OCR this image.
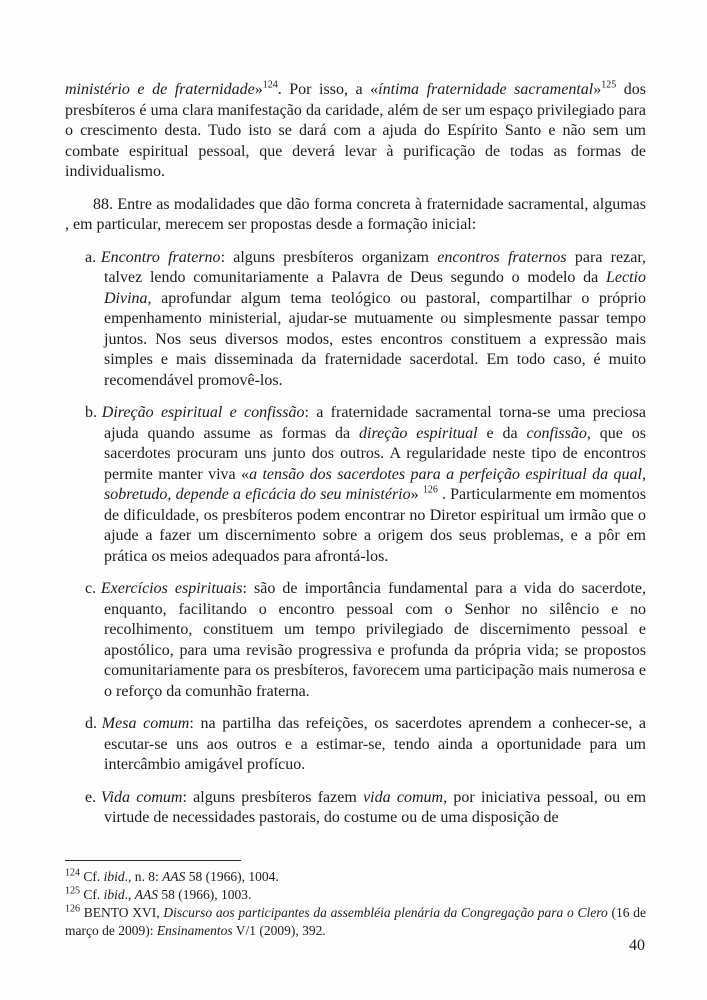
ministério e de fraternidade»$^{124}$. Por isso, a «íntima fraternidade sacramental»$^{125}$ dos presbíteros é uma clara manifestação da caridade, além de ser um espaço privilegiado para o crescimento desta. Tudo isto se dará com a ajuda do Espírito Santo e não sem um combate espiritual pessoal, que deverá levar à purificação de todas as formas de individualismo.
88. Entre as modalidades que dão forma concreta à fraternidade sacramental, algumas , em particular, merecem ser propostas desde a formação inicial:
a. Encontro fraterno: alguns presbíteros organizam encontros fraternos para rezar, talvez lendo comunitariamente a Palavra de Deus segundo o modelo da Lectio Divina, aprofundar algum tema teológico ou pastoral, compartilhar o próprio empenhamento ministerial, ajudar-se mutuamente ou simplesmente passar tempo juntos. Nos seus diversos modos, estes encontros constituem a expressão mais simples e mais disseminada da fraternidade sacerdotal. Em todo caso, é muito recomendável promovê-los.
b. Direção espiritual e confissão: a fraternidade sacramental torna-se uma preciosa ajuda quando assume as formas da direção espiritual e da confissão, que os sacerdotes procuram uns junto dos outros. A regularidade neste tipo de encontros permite manter viva «a tensão dos sacerdotes para a perfeição espiritual da qual, sobretudo, depende a eficácia do seu ministério» $^{126}$ . Particularmente em momentos de dificuldade, os presbíteros podem encontrar no Diretor espiritual um irmão que o ajude a fazer um discernimento sobre a origem dos seus problemas, e a pôr em prática os meios adequados para afrontá-los.
c. Exercícios espirituais: são de importância fundamental para a vida do sacerdote, enquanto, facilitando o encontro pessoal com o Senhor no silêncio e no recolhimento, constituem um tempo privilegiado de discernimento pessoal e apostólico, para uma revisão progressiva e profunda da própria vida; se propostos comunitariamente para os presbíteros, favorecem uma participação mais numerosa e o reforço da comunhão fraterna.
d. Mesa comum: na partilha das refeições, os sacerdotes aprendem a conhecer-se, a escutar-se uns aos outros e a estimar-se, tendo ainda a oportunidade para um intercâmbio amigável profícuo.
e. Vida comum: alguns presbíteros fazem vida comum, por iniciativa pessoal, ou em virtude de necessidades pastorais, do costume ou de uma disposição de
$^{124}$ Cf. ibid., n. 8: AAS 58 (1966), 1004.
$^{125}$ Cf. ibid., AAS 58 (1966), 1003.
$^{126}$ BENTO XVI, Discurso aos participantes da assembléia plenária da Congregação para o Clero (16 de março de 2009): Ensinamentos V/1 (2009), 392.
40
